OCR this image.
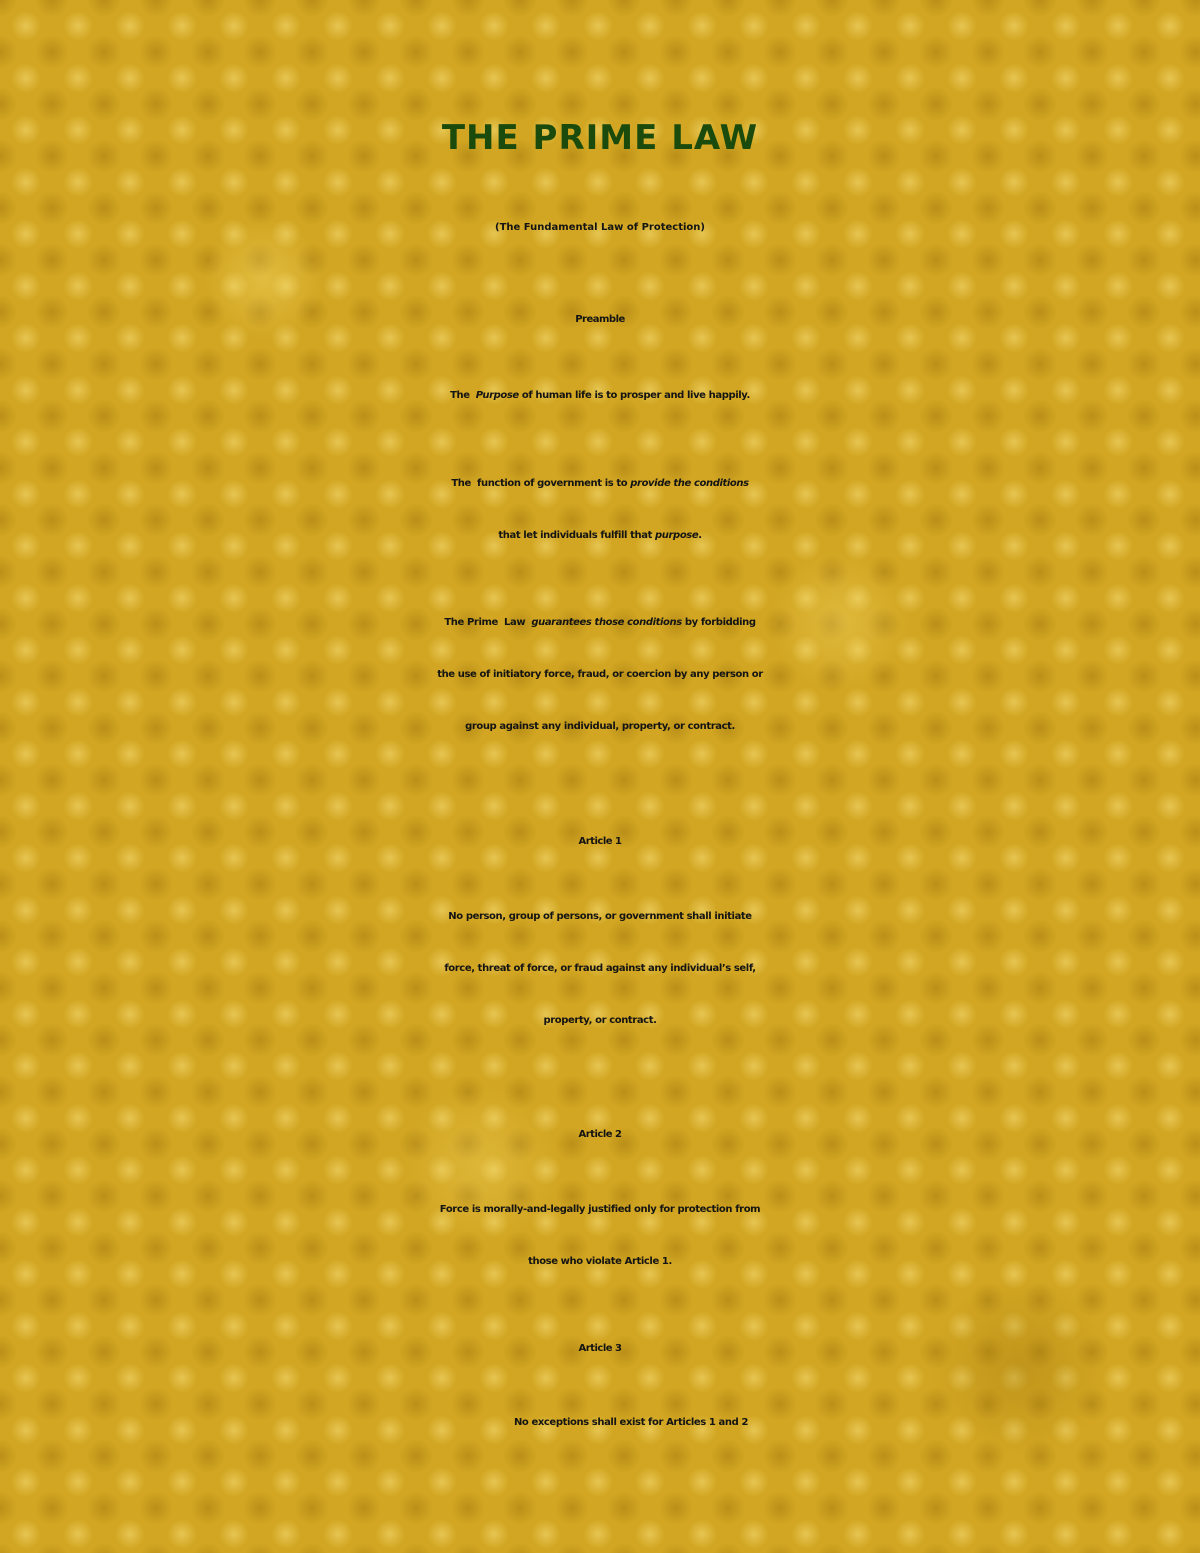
THE PRIME LAW
(The Fundamental Law of Protection)
Preamble

The  Purpose of human life is to prosper and live happily.

The  function of government is to provide the conditions

that let individuals fulfill that purpose.

The Prime  Law  guarantees those conditions by forbidding

the use of initiatory force, fraud, or coercion by any person or

group against any individual, property, or contract.

Article 1

No person, group of persons, or government shall initiate

force, threat of force, or fraud against any individual’s self,

property, or contract.

Article 2

Force is morally-and-legally justified only for protection from

those who violate Article 1.

Article 3

No exceptions shall exist for Articles 1 and 2
